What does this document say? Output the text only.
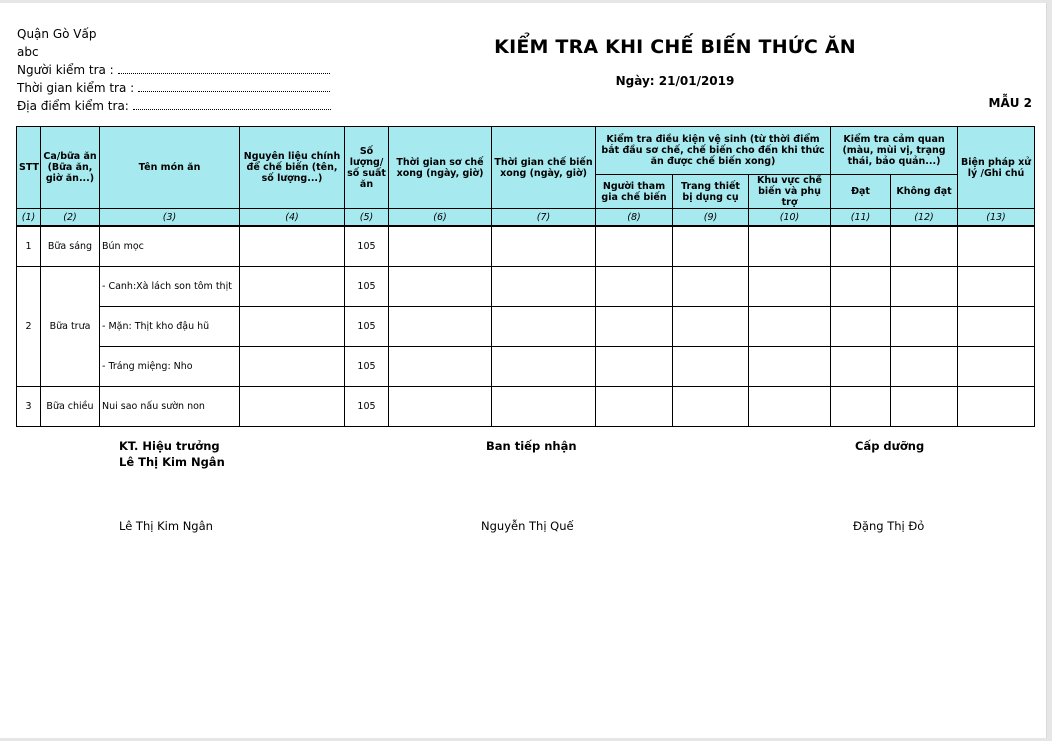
Quận Gò Vấp
abc
Người kiểm tra :
Thời gian kiểm tra :
Địa điểm kiểm tra:
KIỂM TRA KHI CHẾ BIẾN THỨC ĂN
Ngày: 21/01/2019
MẪU 2
STT	Ca/bữa ăn (Bữa ăn, giờ ăn...)	Tên món ăn	Nguyên liệu chính để chế biến (tên, số lượng...)	Số lượng/ số suất ăn	Thời gian sơ chế xong (ngày, giờ)	Thời gian chế biến xong (ngày, giờ)	Kiểm tra điều kiện vệ sinh (từ thời điểm bắt đầu sơ chế, chế biến cho đến khi thức ăn được chế biến xong)			Kiểm tra cảm quan (màu, mùi vị, trạng thái, bảo quản...)		Biện pháp xử lý /Ghi chú
							Người tham gia chế biến	Trang thiết bị dụng cụ	Khu vực chế biến và phụ trợ	Đạt	Không đạt	
(1)	(2)	(3)	(4)	(5)	(6)	(7)	(8)	(9)	(10)	(11)	(12)	(13)
1	Bữa sáng	Bún mọc		105								
2	Bữa trưa	- Canh:Xà lách son tôm thịt		105								
		- Mặn: Thịt kho đậu hũ		105								
		- Tráng miệng: Nho		105								
3	Bữa chiều	Nui sao nấu sườn non		105								
KT. Hiệu trưởng
Lê Thị Kim Ngân
Lê Thị Kim Ngân
Ban tiếp nhận
Nguyễn Thị Quế
Cấp dưỡng
Đặng Thị Đỏ
